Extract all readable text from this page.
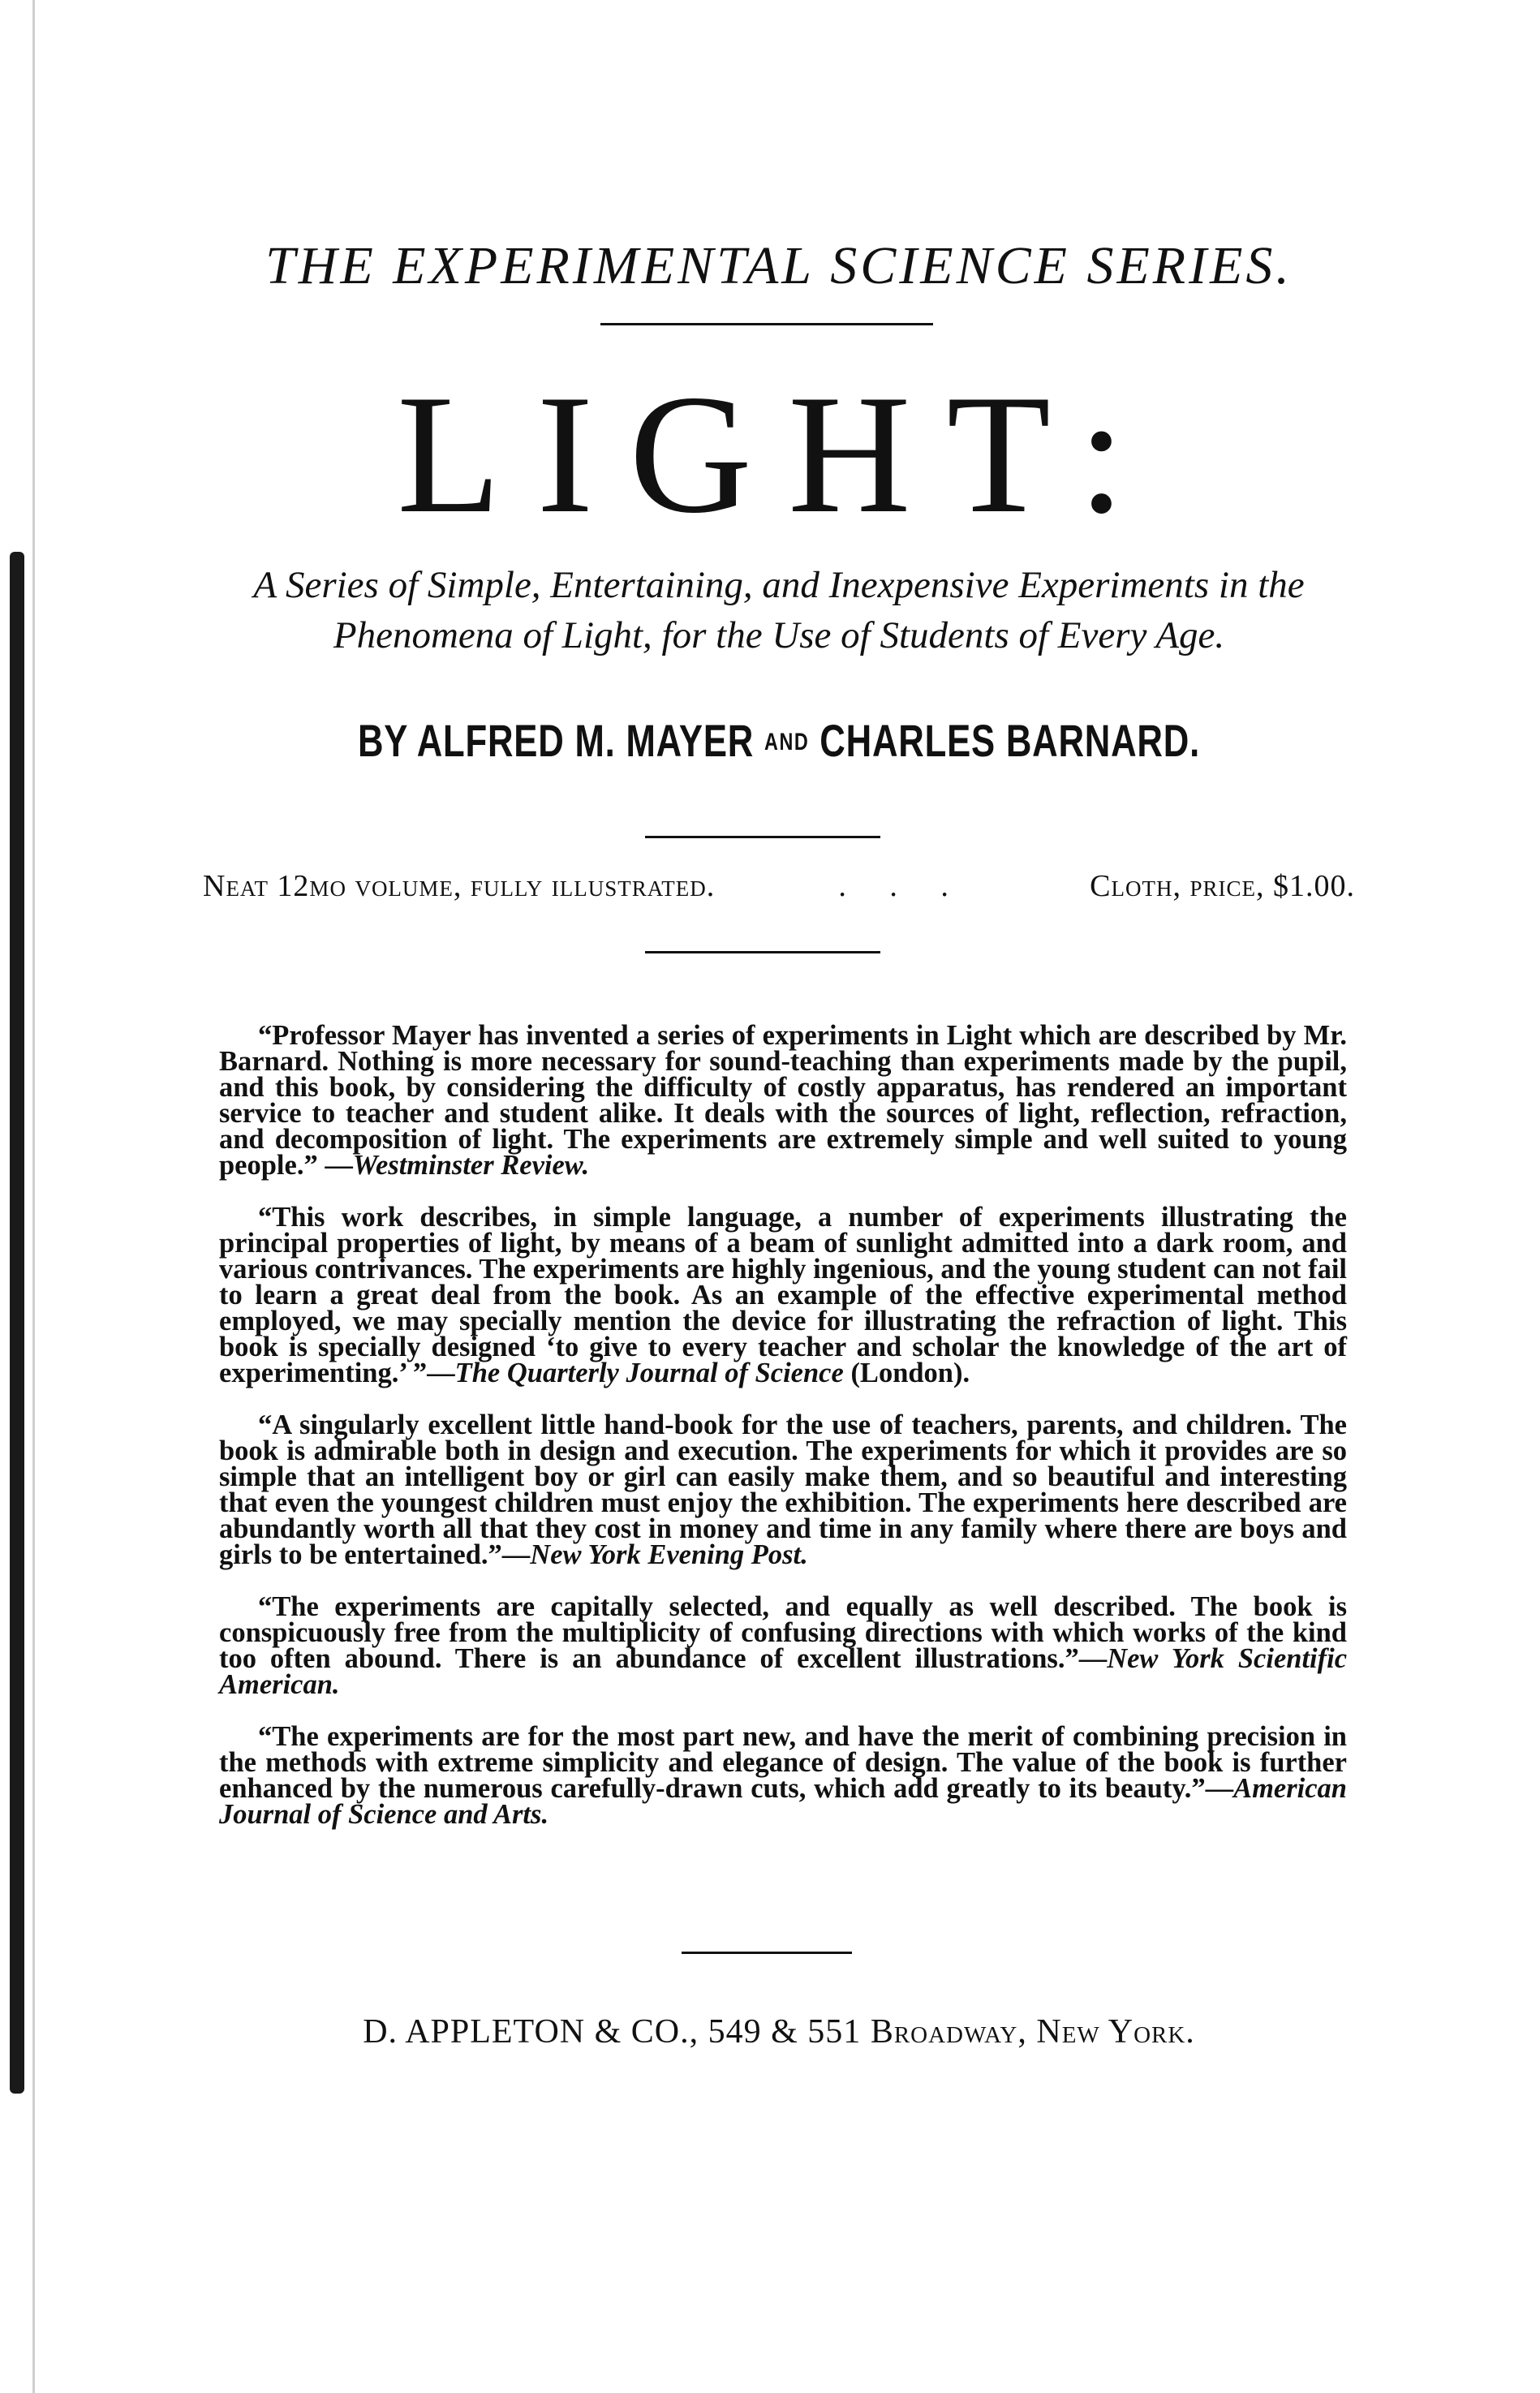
THE EXPERIMENTAL SCIENCE SERIES.
LIGHT:
A Series of Simple, Entertaining, and Inexpensive Experiments in the
Phenomena of Light, for the Use of Students of Every Age.
BY ALFRED M. MAYER AND CHARLES BARNARD.
Neat 12mo volume, fully illustrated.	. . .	Cloth, price, $1.00.

“Professor Mayer has invented a series of experiments in Light which are described by Mr. Barnard. Nothing is more necessary for sound-teaching than experiments made by the pupil, and this book, by considering the difficulty of costly apparatus, has rendered an important service to teacher and student alike. It deals with the sources of light, reflection, refraction, and decomposition of light. The experiments are extremely simple and well suited to young people.” —Westminster Review.

“This work describes, in simple language, a number of experiments illustrating the principal properties of light, by means of a beam of sunlight admitted into a dark room, and various contrivances. The experiments are highly ingenious, and the young student can not fail to learn a great deal from the book. As an example of the effective experimental method employed, we may specially mention the device for illustrating the refraction of light. This book is specially designed ‘to give to every teacher and scholar the knowledge of the art of experimenting.’ ”—The Quarterly Journal of Science (London).

“A singularly excellent little hand-book for the use of teachers, parents, and children. The book is admirable both in design and execution. The experiments for which it provides are so simple that an intelligent boy or girl can easily make them, and so beautiful and interesting that even the youngest children must enjoy the exhibition. The experiments here described are abundantly worth all that they cost in money and time in any family where there are boys and girls to be entertained.”—New York Evening Post.

“The experiments are capitally selected, and equally as well described. The book is conspicuously free from the multiplicity of confusing directions with which works of the kind too often abound. There is an abundance of excellent illustrations.”—New York Scientific American.

“The experiments are for the most part new, and have the merit of combining precision in the methods with extreme simplicity and elegance of design. The value of the book is further enhanced by the numerous carefully-drawn cuts, which add greatly to its beauty.”—American Journal of Science and Arts.

D. APPLETON & CO., 549 & 551 Broadway, New York.
